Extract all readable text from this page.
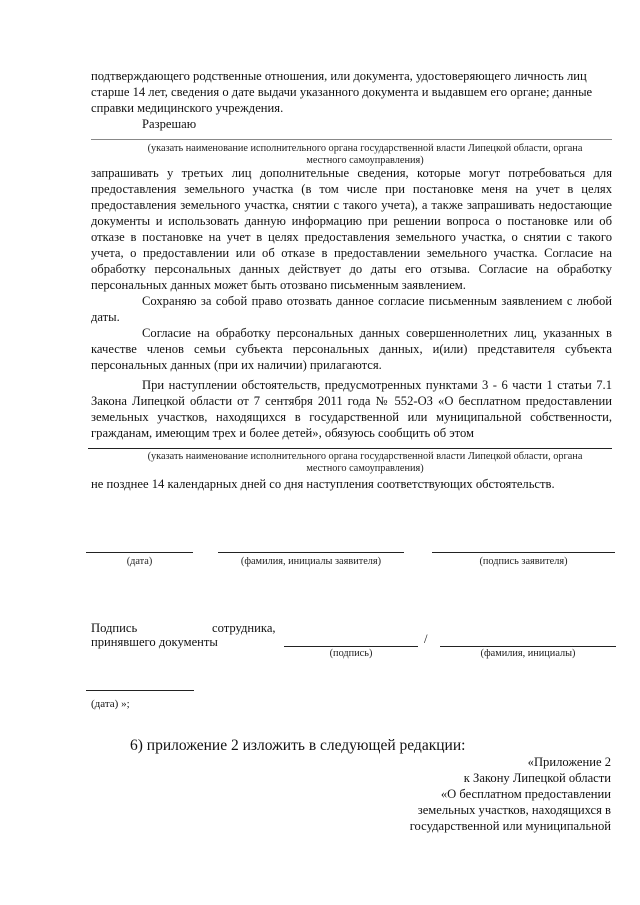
подтверждающего родственные отношения, или документа, удостоверяющего личность лиц
старше 14 лет, сведения о дате выдачи указанного документа и выдавшем его органе; данные
справки медицинского учреждения.
Разрешаю
(указать наименование исполнительного органа государственной власти Липецкой области, органа
местного самоуправления)

запрашивать у третьих лиц дополнительные сведения, которые могут потребоваться для предоставления земельного участка (в том числе при постановке меня на учет в целях предоставления земельного участка, снятии с такого учета), а также запрашивать недостающие документы и использовать данную информацию при решении вопроса о постановке или об отказе в постановке на учет в целях предоставления земельного участка, о снятии с такого учета, о предоставлении или об отказе в предоставлении земельного участка. Согласие на обработку персональных данных действует до даты его отзыва. Согласие на обработку персональных данных может быть отозвано письменным заявлением.

Сохраняю за собой право отозвать данное согласие письменным заявлением с любой даты.

Согласие на обработку персональных данных совершеннолетних лиц, указанных в качестве членов семьи субъекта персональных данных, и(или) представителя субъекта персональных данных (при их наличии) прилагаются.

При наступлении обстоятельств, предусмотренных пунктами 3 - 6 части 1 статьи 7.1 Закона Липецкой области от 7 сентября 2011 года № 552-ОЗ «О бесплатном предоставлении земельных участков, находящихся в государственной или муниципальной собственности, гражданам, имеющим трех и более детей», обязуюсь сообщить об этом

(указать наименование исполнительного органа государственной власти Липецкой области, органа
местного самоуправления)
не позднее 14 календарных дней со дня наступления соответствующих обстоятельств.
(дата)	(фамилия, инициалы заявителя)	(подпись заявителя)
Подпись	сотрудника,
принявшего документы	/
(подпись)	(фамилия, инициалы)
(дата) »;
6) приложение 2 изложить в следующей редакции:
«Приложение 2
к Закону Липецкой области
«О бесплатном предоставлении
земельных участков, находящихся в
государственной или муниципальной
